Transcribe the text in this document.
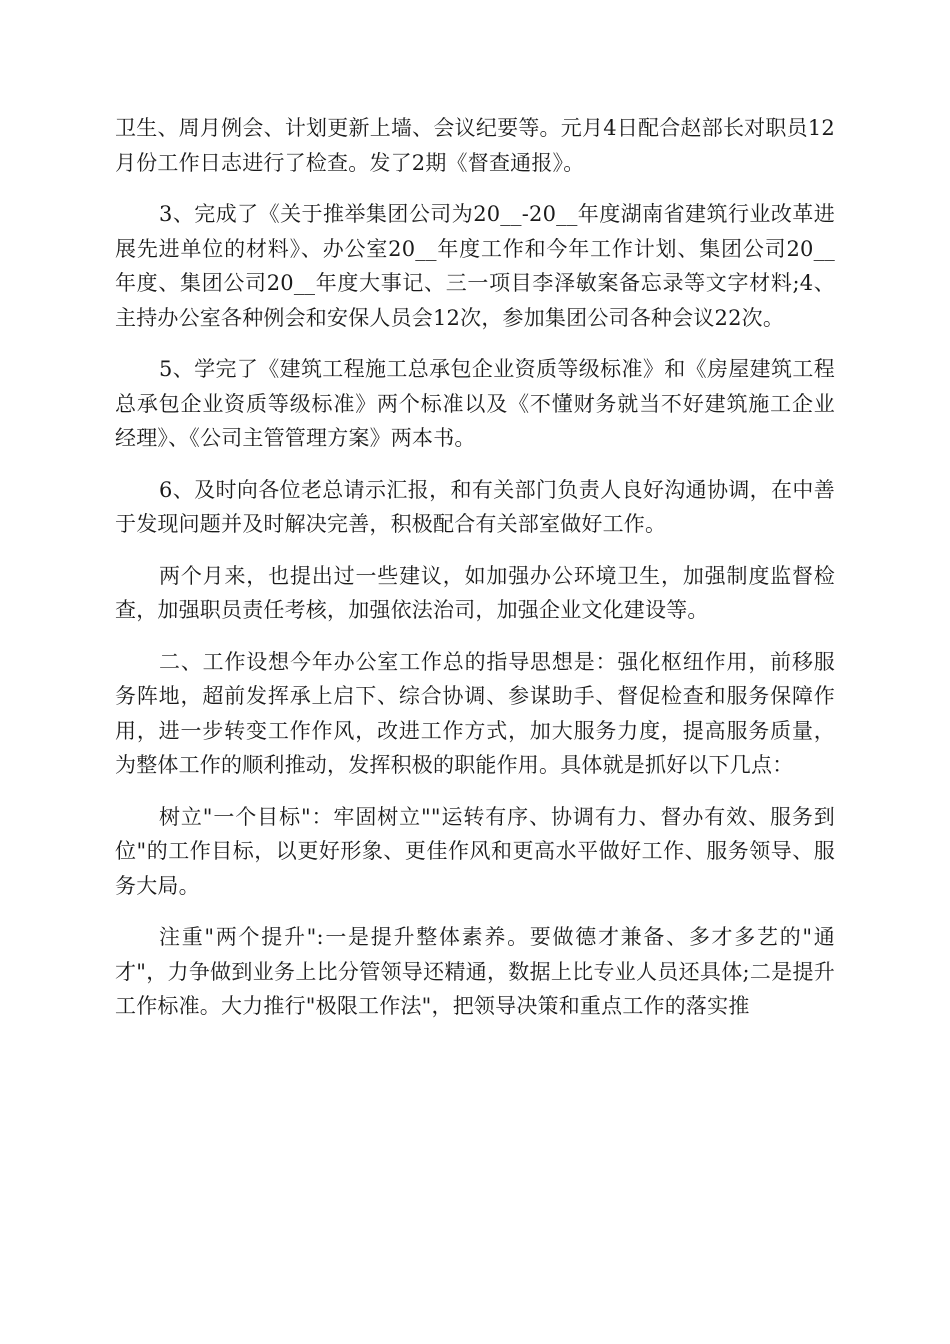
卫生、周月例会、计划更新上墙、会议纪要等。元月4日配合赵部长对职员12月份工作日志进行了检查。发了2期《督查通报》。

3、完成了《关于推举集团公司为20__-20__年度湖南省建筑行业改革进展先进单位的材料》、办公室20__年度工作和今年工作计划、集团公司20__年度、集团公司20__年度大事记、三一项目李泽敏案备忘录等文字材料;4、主持办公室各种例会和安保人员会12次，参加集团公司各种会议22次。

5、学完了《建筑工程施工总承包企业资质等级标准》和《房屋建筑工程总承包企业资质等级标准》两个标准以及《不懂财务就当不好建筑施工企业经理》、《公司主管管理方案》两本书。

6、及时向各位老总请示汇报，和有关部门负责人良好沟通协调，在中善于发现问题并及时解决完善，积极配合有关部室做好工作。

两个月来，也提出过一些建议，如加强办公环境卫生，加强制度监督检查，加强职员责任考核，加强依法治司，加强企业文化建设等。

二、工作设想今年办公室工作总的指导思想是：强化枢纽作用，前移服务阵地，超前发挥承上启下、综合协调、参谋助手、督促检查和服务保障作用，进一步转变工作作风，改进工作方式，加大服务力度，提高服务质量，为整体工作的顺利推动，发挥积极的职能作用。具体就是抓好以下几点：

树立"一个目标"：牢固树立""运转有序、协调有力、督办有效、服务到位"的工作目标，以更好形象、更佳作风和更高水平做好工作、服务领导、服务大局。

注重"两个提升":一是提升整体素养。要做德才兼备、多才多艺的"通才"，力争做到业务上比分管领导还精通，数据上比专业人员还具体;二是提升工作标准。大力推行"极限工作法"，把领导决策和重点工作的落实推
